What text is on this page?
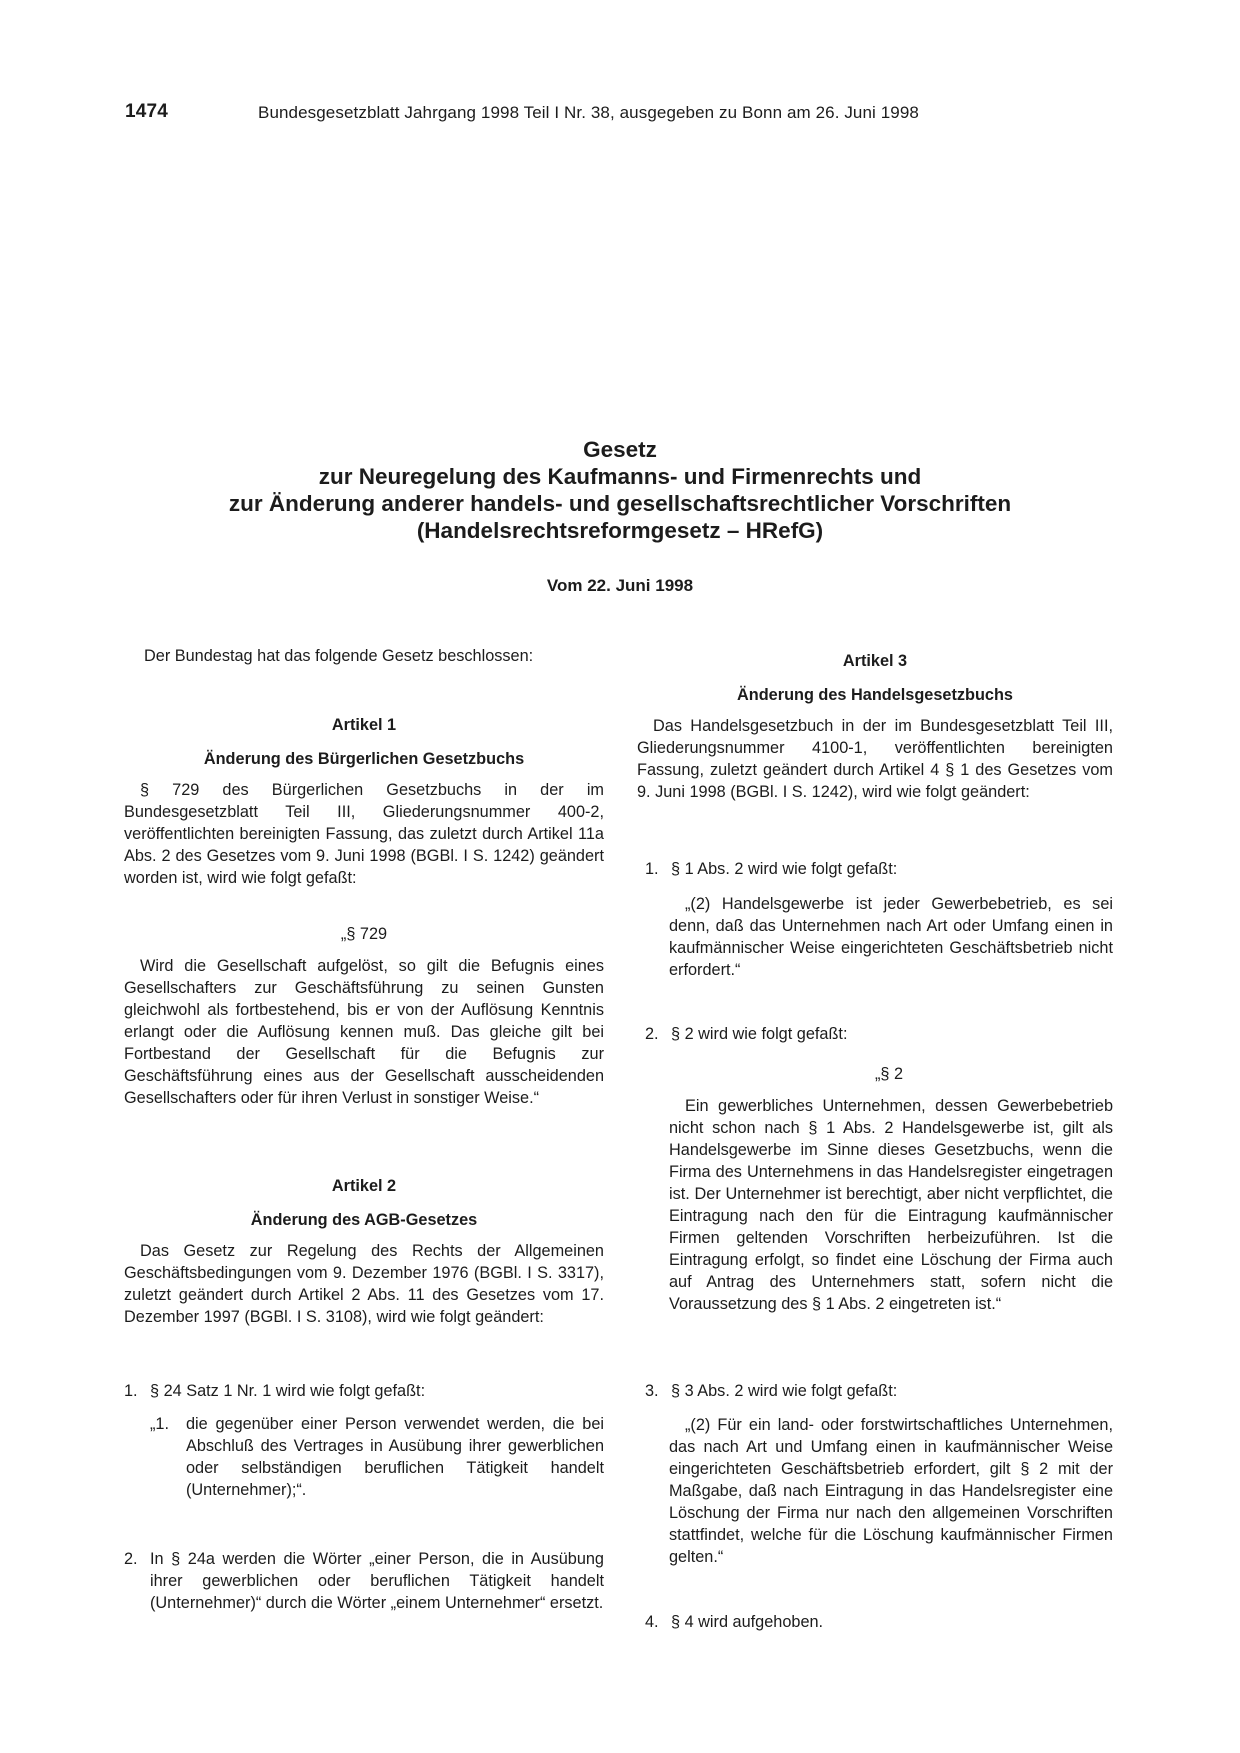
1474	Bundesgesetzblatt Jahrgang 1998 Teil I Nr. 38, ausgegeben zu Bonn am 26. Juni 1998
Gesetz
zur Neuregelung des Kaufmanns- und Firmenrechts und
zur Änderung anderer handels- und gesellschaftsrechtlicher Vorschriften
(Handelsrechtsreformgesetz – HRefG)
Vom 22. Juni 1998
Der Bundestag hat das folgende Gesetz beschlossen:
Artikel 1
Änderung des Bürgerlichen Gesetzbuchs
§ 729 des Bürgerlichen Gesetzbuchs in der im Bundesgesetzblatt Teil III, Gliederungsnummer 400-2, veröffentlichten bereinigten Fassung, das zuletzt durch Artikel 11a Abs. 2 des Gesetzes vom 9. Juni 1998 (BGBl. I S. 1242) geändert worden ist, wird wie folgt gefaßt:
„§ 729
Wird die Gesellschaft aufgelöst, so gilt die Befugnis eines Gesellschafters zur Geschäftsführung zu seinen Gunsten gleichwohl als fortbestehend, bis er von der Auflösung Kenntnis erlangt oder die Auflösung kennen muß. Das gleiche gilt bei Fortbestand der Gesellschaft für die Befugnis zur Geschäftsführung eines aus der Gesellschaft ausscheidenden Gesellschafters oder für ihren Verlust in sonstiger Weise.“
Artikel 2
Änderung des AGB-Gesetzes
Das Gesetz zur Regelung des Rechts der Allgemeinen Geschäftsbedingungen vom 9. Dezember 1976 (BGBl. I S. 3317), zuletzt geändert durch Artikel 2 Abs. 11 des Gesetzes vom 17. Dezember 1997 (BGBl. I S. 3108), wird wie folgt geändert:
1. § 24 Satz 1 Nr. 1 wird wie folgt gefaßt:
„1. die gegenüber einer Person verwendet werden, die bei Abschluß des Vertrages in Ausübung ihrer gewerblichen oder selbständigen beruflichen Tätigkeit handelt (Unternehmer);“.
2. In § 24a werden die Wörter „einer Person, die in Ausübung ihrer gewerblichen oder beruflichen Tätigkeit handelt (Unternehmer)“ durch die Wörter „einem Unternehmer“ ersetzt.
Artikel 3
Änderung des Handelsgesetzbuchs
Das Handelsgesetzbuch in der im Bundesgesetzblatt Teil III, Gliederungsnummer 4100-1, veröffentlichten bereinigten Fassung, zuletzt geändert durch Artikel 4 § 1 des Gesetzes vom 9. Juni 1998 (BGBl. I S. 1242), wird wie folgt geändert:
1. § 1 Abs. 2 wird wie folgt gefaßt:
„(2) Handelsgewerbe ist jeder Gewerbebetrieb, es sei denn, daß das Unternehmen nach Art oder Umfang einen in kaufmännischer Weise eingerichteten Geschäftsbetrieb nicht erfordert.“
2. § 2 wird wie folgt gefaßt:
„§ 2
Ein gewerbliches Unternehmen, dessen Gewerbebetrieb nicht schon nach § 1 Abs. 2 Handelsgewerbe ist, gilt als Handelsgewerbe im Sinne dieses Gesetzbuchs, wenn die Firma des Unternehmens in das Handelsregister eingetragen ist. Der Unternehmer ist berechtigt, aber nicht verpflichtet, die Eintragung nach den für die Eintragung kaufmännischer Firmen geltenden Vorschriften herbeizuführen. Ist die Eintragung erfolgt, so findet eine Löschung der Firma auch auf Antrag des Unternehmers statt, sofern nicht die Voraussetzung des § 1 Abs. 2 eingetreten ist.“
3. § 3 Abs. 2 wird wie folgt gefaßt:
„(2) Für ein land- oder forstwirtschaftliches Unternehmen, das nach Art und Umfang einen in kaufmännischer Weise eingerichteten Geschäftsbetrieb erfordert, gilt § 2 mit der Maßgabe, daß nach Eintragung in das Handelsregister eine Löschung der Firma nur nach den allgemeinen Vorschriften stattfindet, welche für die Löschung kaufmännischer Firmen gelten.“
4. § 4 wird aufgehoben.
